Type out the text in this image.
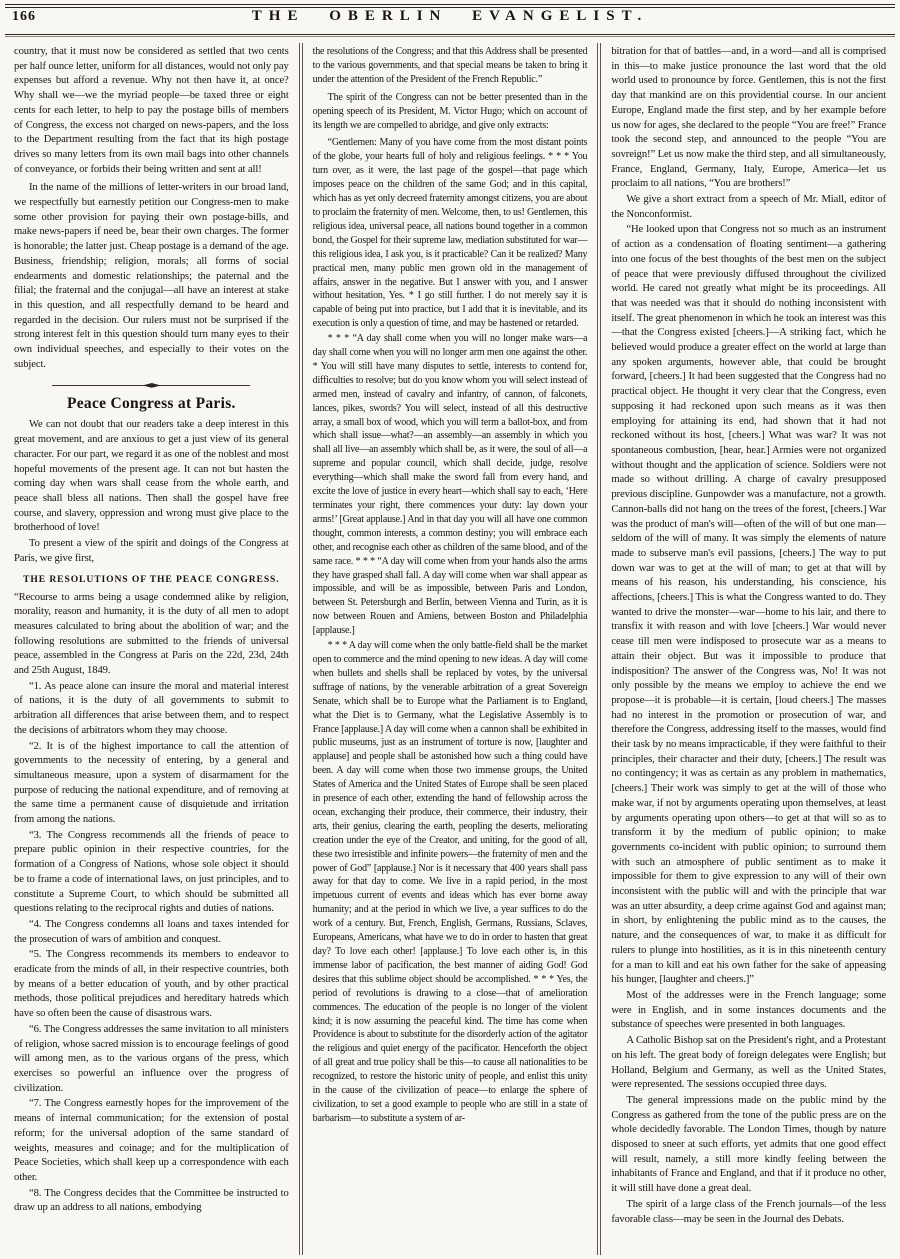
166	THE OBERLIN EVANGELIST.

country, that it must now be considered as settled that two cents per half ounce letter, uniform for all distances, would not only pay expenses but afford a revenue. Why not then have it, at once? Why shall we—we the myriad people—be taxed three or eight cents for each letter, to help to pay the postage bills of members of Congress, the excess not charged on news-papers, and the loss to the Department resulting from the fact that its high postage drives so many letters from its own mail bags into other channels of conveyance, or forbids their being written and sent at all!

In the name of the millions of letter-writers in our broad land, we respectfully but earnestly petition our Congress-men to make some other provision for paying their own postage-bills, and make news-papers if need be, bear their own charges. The former is honorable; the latter just. Cheap postage is a demand of the age. Business, friendship; religion, morals; all forms of social endearments and domestic relationships; the paternal and the filial; the fraternal and the conjugal—all have an interest at stake in this question, and all respectfully demand to be heard and regarded in the decision. Our rulers must not be surprised if the strong interest felt in this question should turn many eyes to their own individual speeches, and especially to their votes on the subject.

◆
Peace Congress at Paris.

We can not doubt that our readers take a deep interest in this great movement, and are anxious to get a just view of its general character. For our part, we regard it as one of the noblest and most hopeful movements of the present age. It can not but hasten the coming day when wars shall cease from the whole earth, and peace shall bless all nations. Then shall the gospel have free course, and slavery, oppression and wrong must give place to the brotherhood of love!

To present a view of the spirit and doings of the Congress at Paris, we give first,

THE RESOLUTIONS OF THE PEACE CONGRESS.

“Recourse to arms being a usage condemned alike by religion, morality, reason and humanity, it is the duty of all men to adopt measures calculated to bring about the abolition of war; and the following resolutions are submitted to the friends of universal peace, assembled in the Congress at Paris on the 22d, 23d, 24th and 25th August, 1849.

“1. As peace alone can insure the moral and material interest of nations, it is the duty of all governments to submit to arbitration all differences that arise between them, and to respect the decisions of arbitrators whom they may choose.

“2. It is of the highest importance to call the attention of governments to the necessity of entering, by a general and simultaneous measure, upon a system of disarmament for the purpose of reducing the national expenditure, and of removing at the same time a permanent cause of disquietude and irritation from among the nations.

“3. The Congress recommends all the friends of peace to prepare public opinion in their respective countries, for the formation of a Congress of Nations, whose sole object it should be to frame a code of international laws, on just principles, and to constitute a Supreme Court, to which should be submitted all questions relating to the reciprocal rights and duties of nations.

“4. The Congress condemns all loans and taxes intended for the prosecution of wars of ambition and conquest.

“5. The Congress recommends its members to endeavor to eradicate from the minds of all, in their respective countries, both by means of a better education of youth, and by other practical methods, those political prejudices and hereditary hatreds which have so often been the cause of disastrous wars.

“6. The Congress addresses the same invitation to all ministers of religion, whose sacred mission is to encourage feelings of good will among men, as to the various organs of the press, which exercises so powerful an influence over the progress of civilization.

“7. The Congress earnestly hopes for the improvement of the means of internal communication; for the extension of postal reform; for the universal adoption of the same standard of weights, measures and coinage; and for the multiplication of Peace Societies, which shall keep up a correspondence with each other.

“8. The Congress decides that the Committee be instructed to draw up an address to all nations, embodying

the resolutions of the Congress; and that this Address shall be presented to the various governments, and that special means be taken to bring it under the attention of the President of the French Republic.”

The spirit of the Congress can not be better presented than in the opening speech of its President, M. Victor Hugo; which on account of its length we are compelled to abridge, and give only extracts:

“Gentlemen: Many of you have come from the most distant points of the globe, your hearts full of holy and religious feelings. * * * You turn over, as it were, the last page of the gospel—that page which imposes peace on the children of the same God; and in this capital, which has as yet only decreed fraternity amongst citizens, you are about to proclaim the fraternity of men. Welcome, then, to us! Gentlemen, this religious idea, universal peace, all nations bound together in a common bond, the Gospel for their supreme law, mediation substituted for war—this religious idea, I ask you, is it practicable? Can it be realized? Many practical men, many public men grown old in the management of affairs, answer in the negative. But I answer with you, and I answer without hesitation, Yes. * I go still further. I do not merely say it is capable of being put into practice, but I add that it is inevitable, and its execution is only a question of time, and may be hastened or retarded.

* * * “A day shall come when you will no longer make wars—a day shall come when you will no longer arm men one against the other. * You will still have many disputes to settle, interests to contend for, difficulties to resolve; but do you know whom you will select instead of armed men, instead of cavalry and infantry, of cannon, of falconets, lances, pikes, swords? You will select, instead of all this destructive array, a small box of wood, which you will term a ballot-box, and from which shall issue—what?—an assembly—an assembly in which you shall all live—an assembly which shall be, as it were, the soul of all—a supreme and popular council, which shall decide, judge, resolve everything—which shall make the sword fall from every hand, and excite the love of justice in every heart—which shall say to each, ‘Here terminates your right, there commences your duty: lay down your arms!’ [Great applause.] And in that day you will all have one common thought, common interests, a common destiny; you will embrace each other, and recognise each other as children of the same blood, and of the same race. * * * “A day will come when from your hands also the arms they have grasped shall fall. A day will come when war shall appear as impossible, and will be as impossible, between Paris and London, between St. Petersburgh and Berlin, between Vienna and Turin, as it is now between Rouen and Amiens, between Boston and Philadelphia [applause.]

* * * A day will come when the only battle-field shall be the market open to commerce and the mind opening to new ideas. A day will come when bullets and shells shall be replaced by votes, by the universal suffrage of nations, by the venerable arbitration of a great Sovereign Senate, which shall be to Europe what the Parliament is to England, what the Diet is to Germany, what the Legislative Assembly is to France [applause.] A day will come when a cannon shall be exhibited in public museums, just as an instrument of torture is now, [laughter and applause] and people shall be astonished how such a thing could have been. A day will come when those two immense groups, the United States of America and the United States of Europe shall be seen placed in presence of each other, extending the hand of fellowship across the ocean, exchanging their produce, their commerce, their industry, their arts, their genius, clearing the earth, peopling the deserts, meliorating creation under the eye of the Creator, and uniting, for the good of all, these two irresistible and infinite powers—the fraternity of men and the power of God” [applause.] Nor is it necessary that 400 years shall pass away for that day to come. We live in a rapid period, in the most impetuous current of events and ideas which has ever borne away humanity; and at the period in which we live, a year suffices to do the work of a century. But, French, English, Germans, Russians, Sclaves, Europeans, Americans, what have we to do in order to hasten that great day? To love each other! [applause.] To love each other is, in this immense labor of pacification, the best manner of aiding God! God desires that this sublime object should be accomplished. * * * Yes, the period of revolutions is drawing to a close—that of amelioration commences. The education of the people is no longer of the violent kind; it is now assuming the peaceful kind. The time has come when Providence is about to substitute for the disorderly action of the agitator the religious and quiet energy of the pacificator. Henceforth the object of all great and true policy shall be this—to cause all nationalities to be recognized, to restore the historic unity of people, and enlist this unity in the cause of the civilization of peace—to enlarge the sphere of civilization, to set a good example to people who are still in a state of barbarism—to substitute a system of ar-

bitration for that of battles—and, in a word—and all is comprised in this—to make justice pronounce the last word that the old world used to pronounce by force. Gentlemen, this is not the first day that mankind are on this providential course. In our ancient Europe, England made the first step, and by her example before us now for ages, she declared to the people “You are free!” France took the second step, and announced to the people “You are sovreign!” Let us now make the third step, and all simultaneously, France, England, Germany, Italy, Europe, America—let us proclaim to all nations, “You are brothers!”

We give a short extract from a speech of Mr. Miall, editor of the Nonconformist.

“He looked upon that Congress not so much as an instrument of action as a condensation of floating sentiment—a gathering into one focus of the best thoughts of the best men on the subject of peace that were previously diffused throughout the civilized world. He cared not greatly what might be its proceedings. All that was needed was that it should do nothing inconsistent with itself. The great phenomenon in which he took an interest was this—that the Congress existed [cheers.]—A striking fact, which he believed would produce a greater effect on the world at large than any spoken arguments, however able, that could be brought forward, [cheers.] It had been suggested that the Congress had no practical object. He thought it very clear that the Congress, even supposing it had reckoned upon such means as it was then employing for attaining its end, had shown that it had not reckoned without its host, [cheers.] What was war? It was not spontaneous combustion, [hear, hear.] Armies were not organized without thought and the application of science. Soldiers were not made so without drilling. A charge of cavalry presupposed previous discipline. Gunpowder was a manufacture, not a growth. Cannon-balls did not hang on the trees of the forest, [cheers.] War was the product of man's will—often of the will of but one man—seldom of the will of many. It was simply the elements of nature made to subserve man's evil passions, [cheers.] The way to put down war was to get at the will of man; to get at that will by means of his reason, his understanding, his conscience, his affections, [cheers.] This is what the Congress wanted to do. They wanted to drive the monster—war—home to his lair, and there to transfix it with reason and with love [cheers.] War would never cease till men were indisposed to prosecute war as a means to attain their object. But was it impossible to produce that indisposition? The answer of the Congress was, No! It was not only possible by the means we employ to achieve the end we propose—it is probable—it is certain, [loud cheers.] The masses had no interest in the promotion or prosecution of war, and therefore the Congress, addressing itself to the masses, would find their task by no means impracticable, if they were faithful to their principles, their character and their duty, [cheers.] The result was no contingency; it was as certain as any problem in mathematics, [cheers.] Their work was simply to get at the will of those who make war, if not by arguments operating upon themselves, at least by arguments operating upon others—to get at that will so as to transform it by the medium of public opinion; to make governments co-incident with public opinion; to surround them with such an atmosphere of public sentiment as to make it impossible for them to give expression to any will of their own inconsistent with the public will and with the principle that war was an utter absurdity, a deep crime against God and against man; in short, by enlightening the public mind as to the causes, the nature, and the consequences of war, to make it as difficult for rulers to plunge into hostilities, as it is in this nineteenth century for a man to kill and eat his own father for the sake of appeasing his hunger, [laughter and cheers.]”

Most of the addresses were in the French language; some were in English, and in some instances documents and the substance of speeches were presented in both languages.

A Catholic Bishop sat on the President's right, and a Protestant on his left. The great body of foreign delegates were English; but Holland, Belgium and Germany, as well as the United States, were represented. The sessions occupied three days.

The general impressions made on the public mind by the Congress as gathered from the tone of the public press are on the whole decidedly favorable. The London Times, though by nature disposed to sneer at such efforts, yet admits that one good effect will result, namely, a still more kindly feeling between the inhabitants of France and England, and that if it produce no other, it will still have done a great deal.

The spirit of a large class of the French journals—of the less favorable class—may be seen in the Journal des Debats.
